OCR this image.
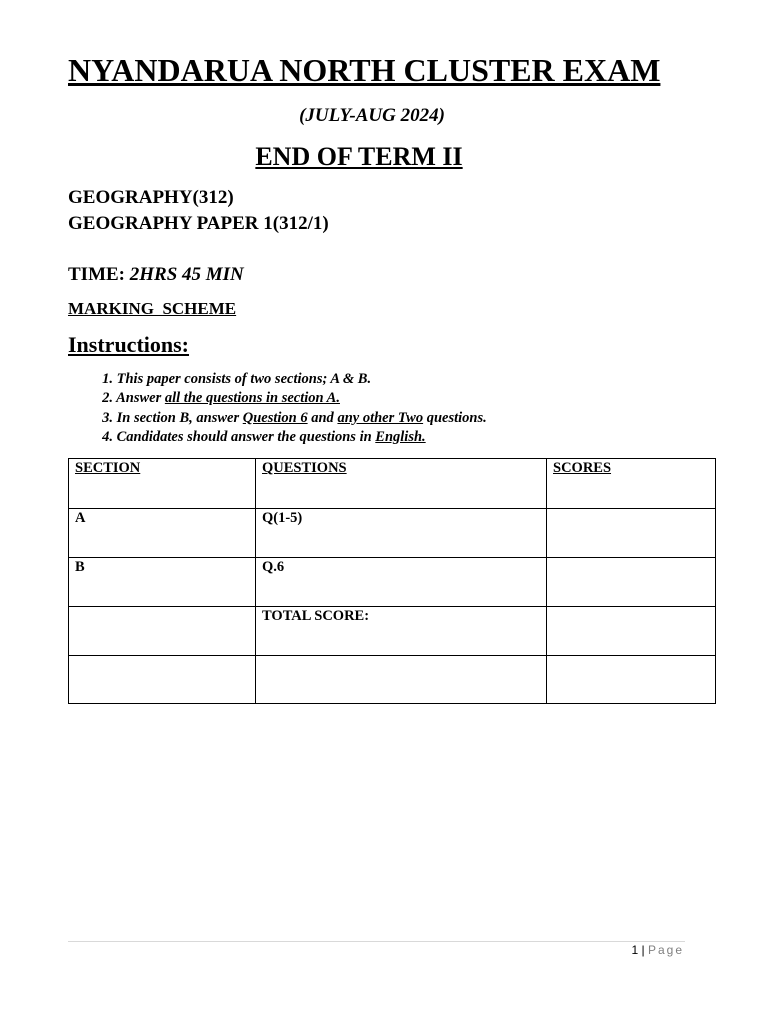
NYANDARUA NORTH CLUSTER EXAM
(JULY-AUG 2024)
END OF TERM II
GEOGRAPHY(312)
GEOGRAPHY PAPER 1(312/1)
TIME: 2HRS 45 MIN
MARKING  SCHEME
Instructions:
1. This paper consists of two sections; A & B.
2. Answer all the questions in section A.
3. In section B, answer Question 6 and any other Two questions.
4. Candidates should answer the questions in English.
SECTION	QUESTIONS	SCORES
A	Q(1-5)	
B	Q.6	
	TOTAL SCORE:	

1 | Page
